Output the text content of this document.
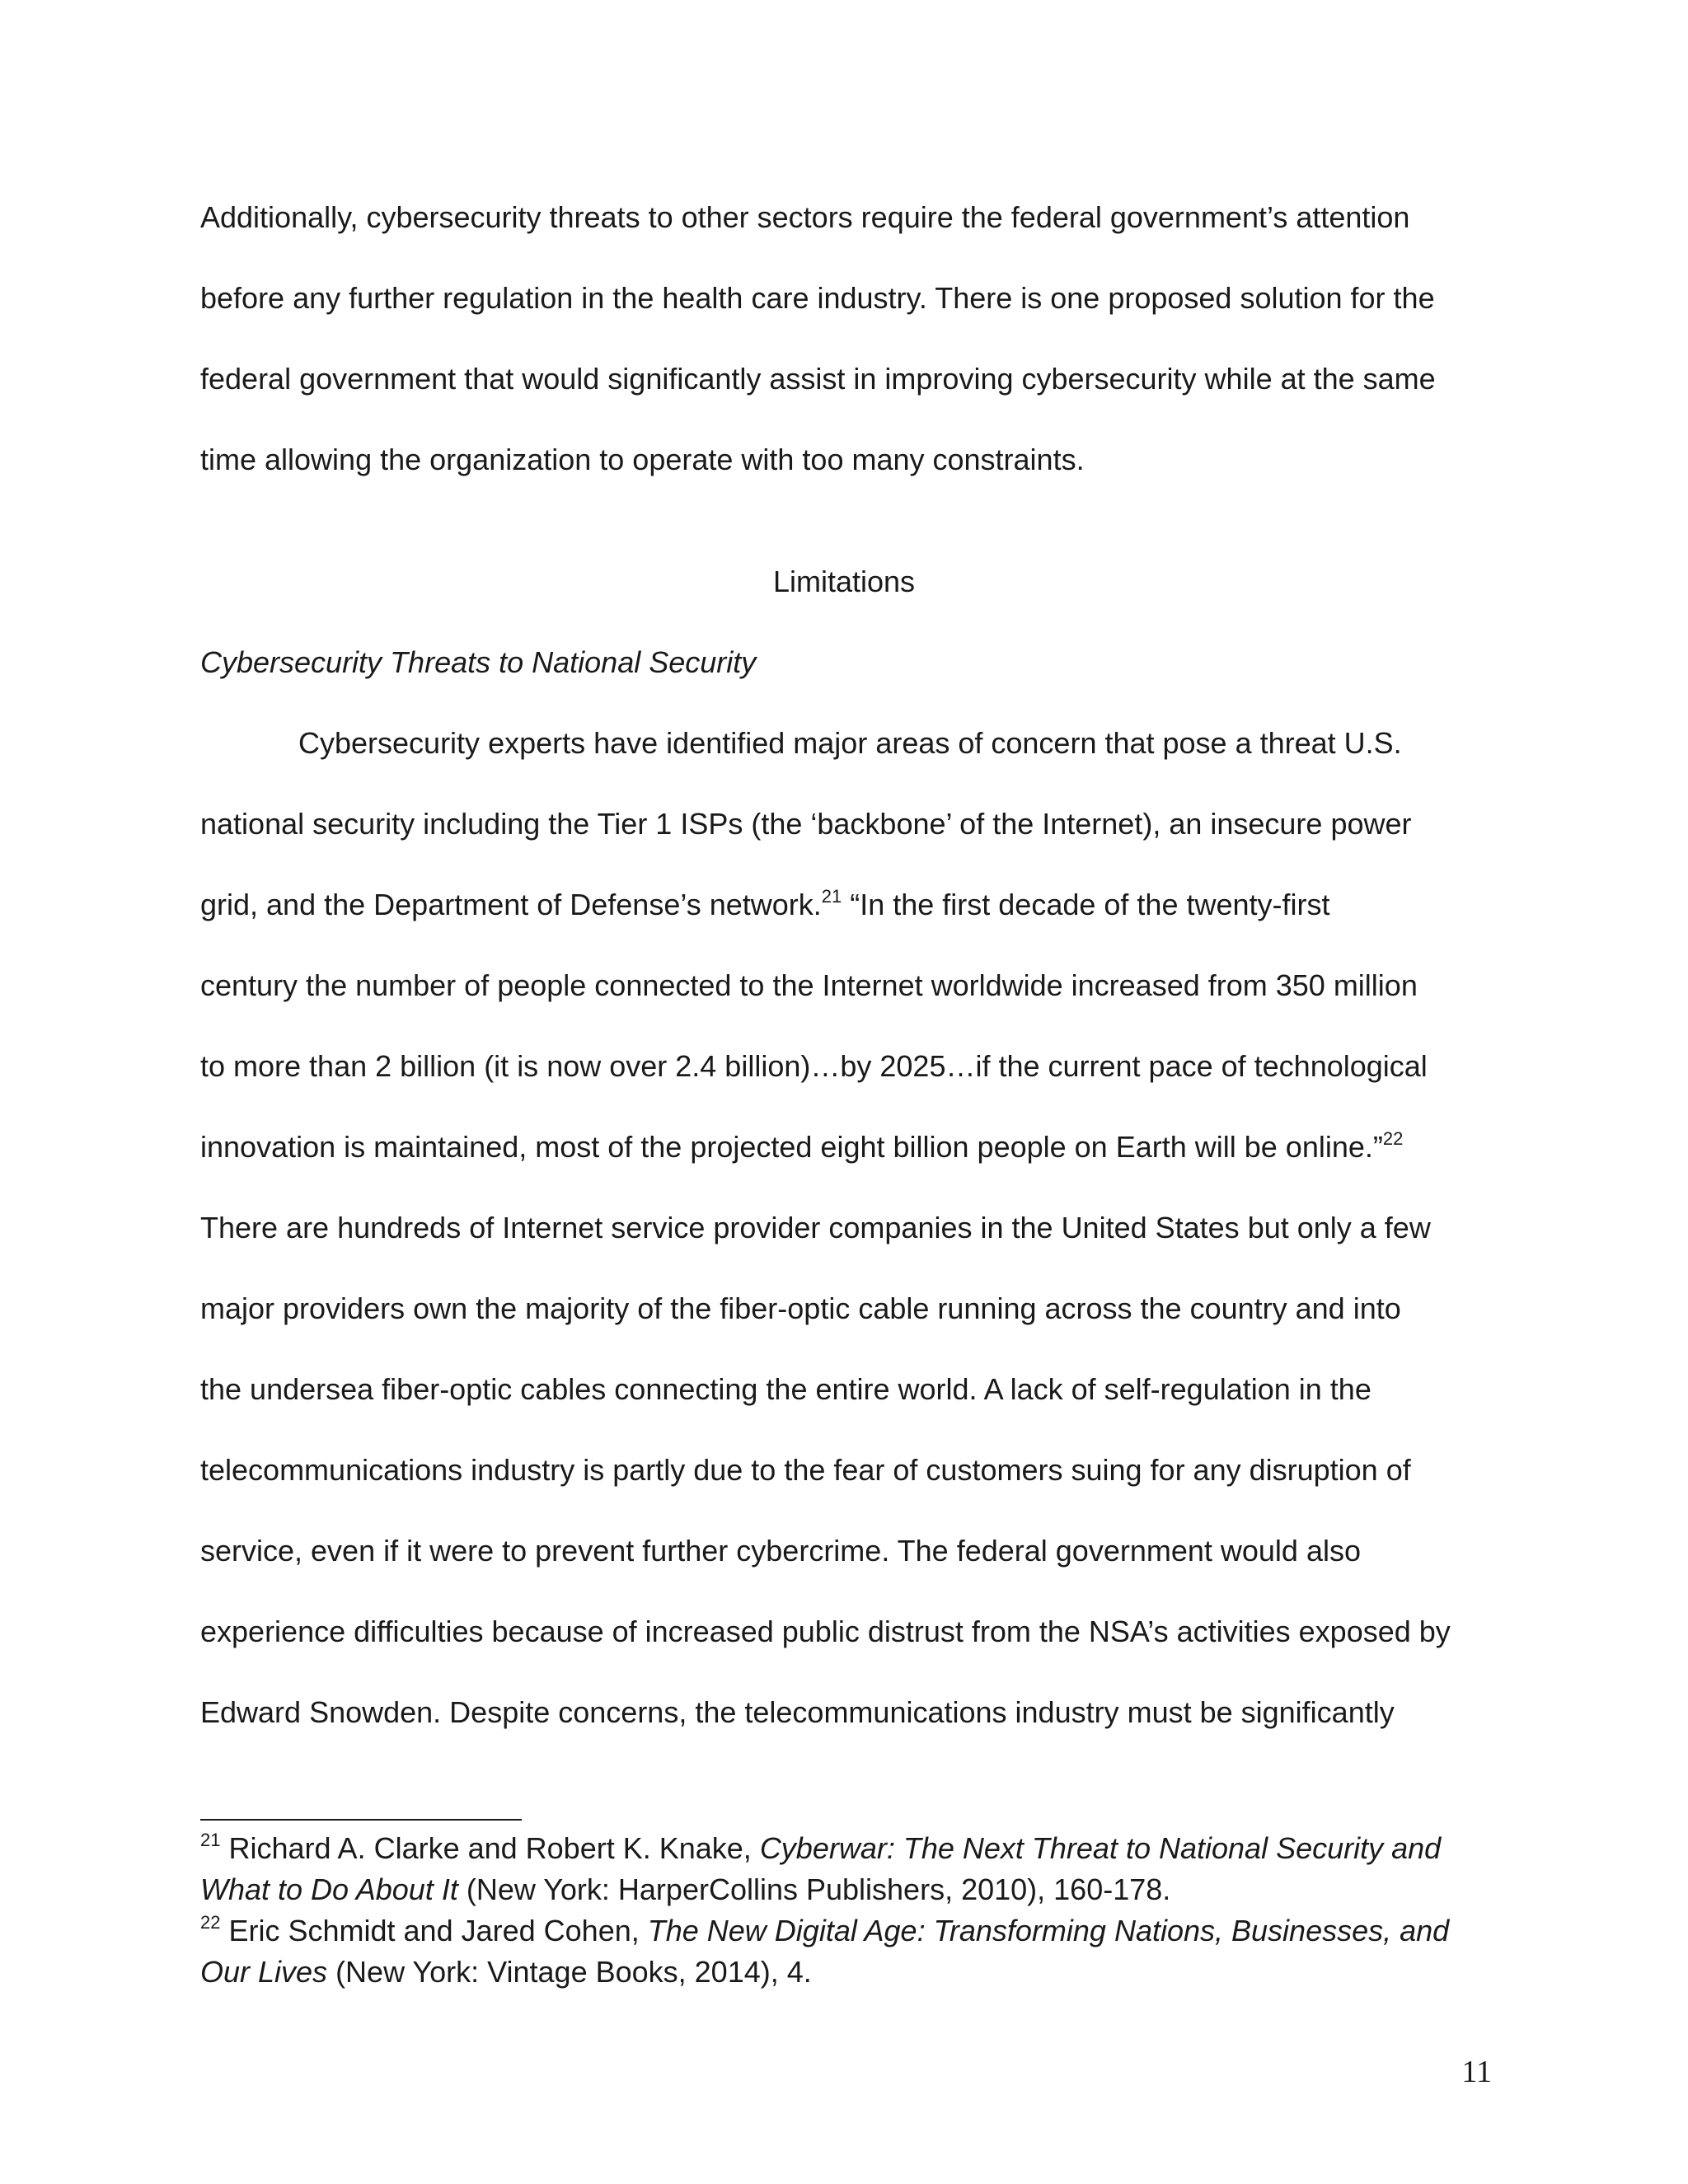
Additionally, cybersecurity threats to other sectors require the federal government’s attention

before any further regulation in the health care industry. There is one proposed solution for the

federal government that would significantly assist in improving cybersecurity while at the same

time allowing the organization to operate with too many constraints.

Limitations
Cybersecurity Threats to National Security

Cybersecurity experts have identified major areas of concern that pose a threat U.S.

national security including the Tier 1 ISPs (the ‘backbone’ of the Internet), an insecure power

grid, and the Department of Defense’s network.$^{21}$ “In the first decade of the twenty-first

century the number of people connected to the Internet worldwide increased from 350 million

to more than 2 billion (it is now over 2.4 billion)…by 2025…if the current pace of technological

innovation is maintained, most of the projected eight billion people on Earth will be online.”$^{22}$

There are hundreds of Internet service provider companies in the United States but only a few

major providers own the majority of the fiber-optic cable running across the country and into

the undersea fiber-optic cables connecting the entire world. A lack of self-regulation in the

telecommunications industry is partly due to the fear of customers suing for any disruption of

service, even if it were to prevent further cybercrime. The federal government would also

experience difficulties because of increased public distrust from the NSA’s activities exposed by

Edward Snowden. Despite concerns, the telecommunications industry must be significantly

$^{21}$ Richard A. Clarke and Robert K. Knake, Cyberwar: The Next Threat to National Security and

What to Do About It (New York: HarperCollins Publishers, 2010), 160-178.

$^{22}$ Eric Schmidt and Jared Cohen, The New Digital Age: Transforming Nations, Businesses, and

Our Lives (New York: Vintage Books, 2014), 4.

11
